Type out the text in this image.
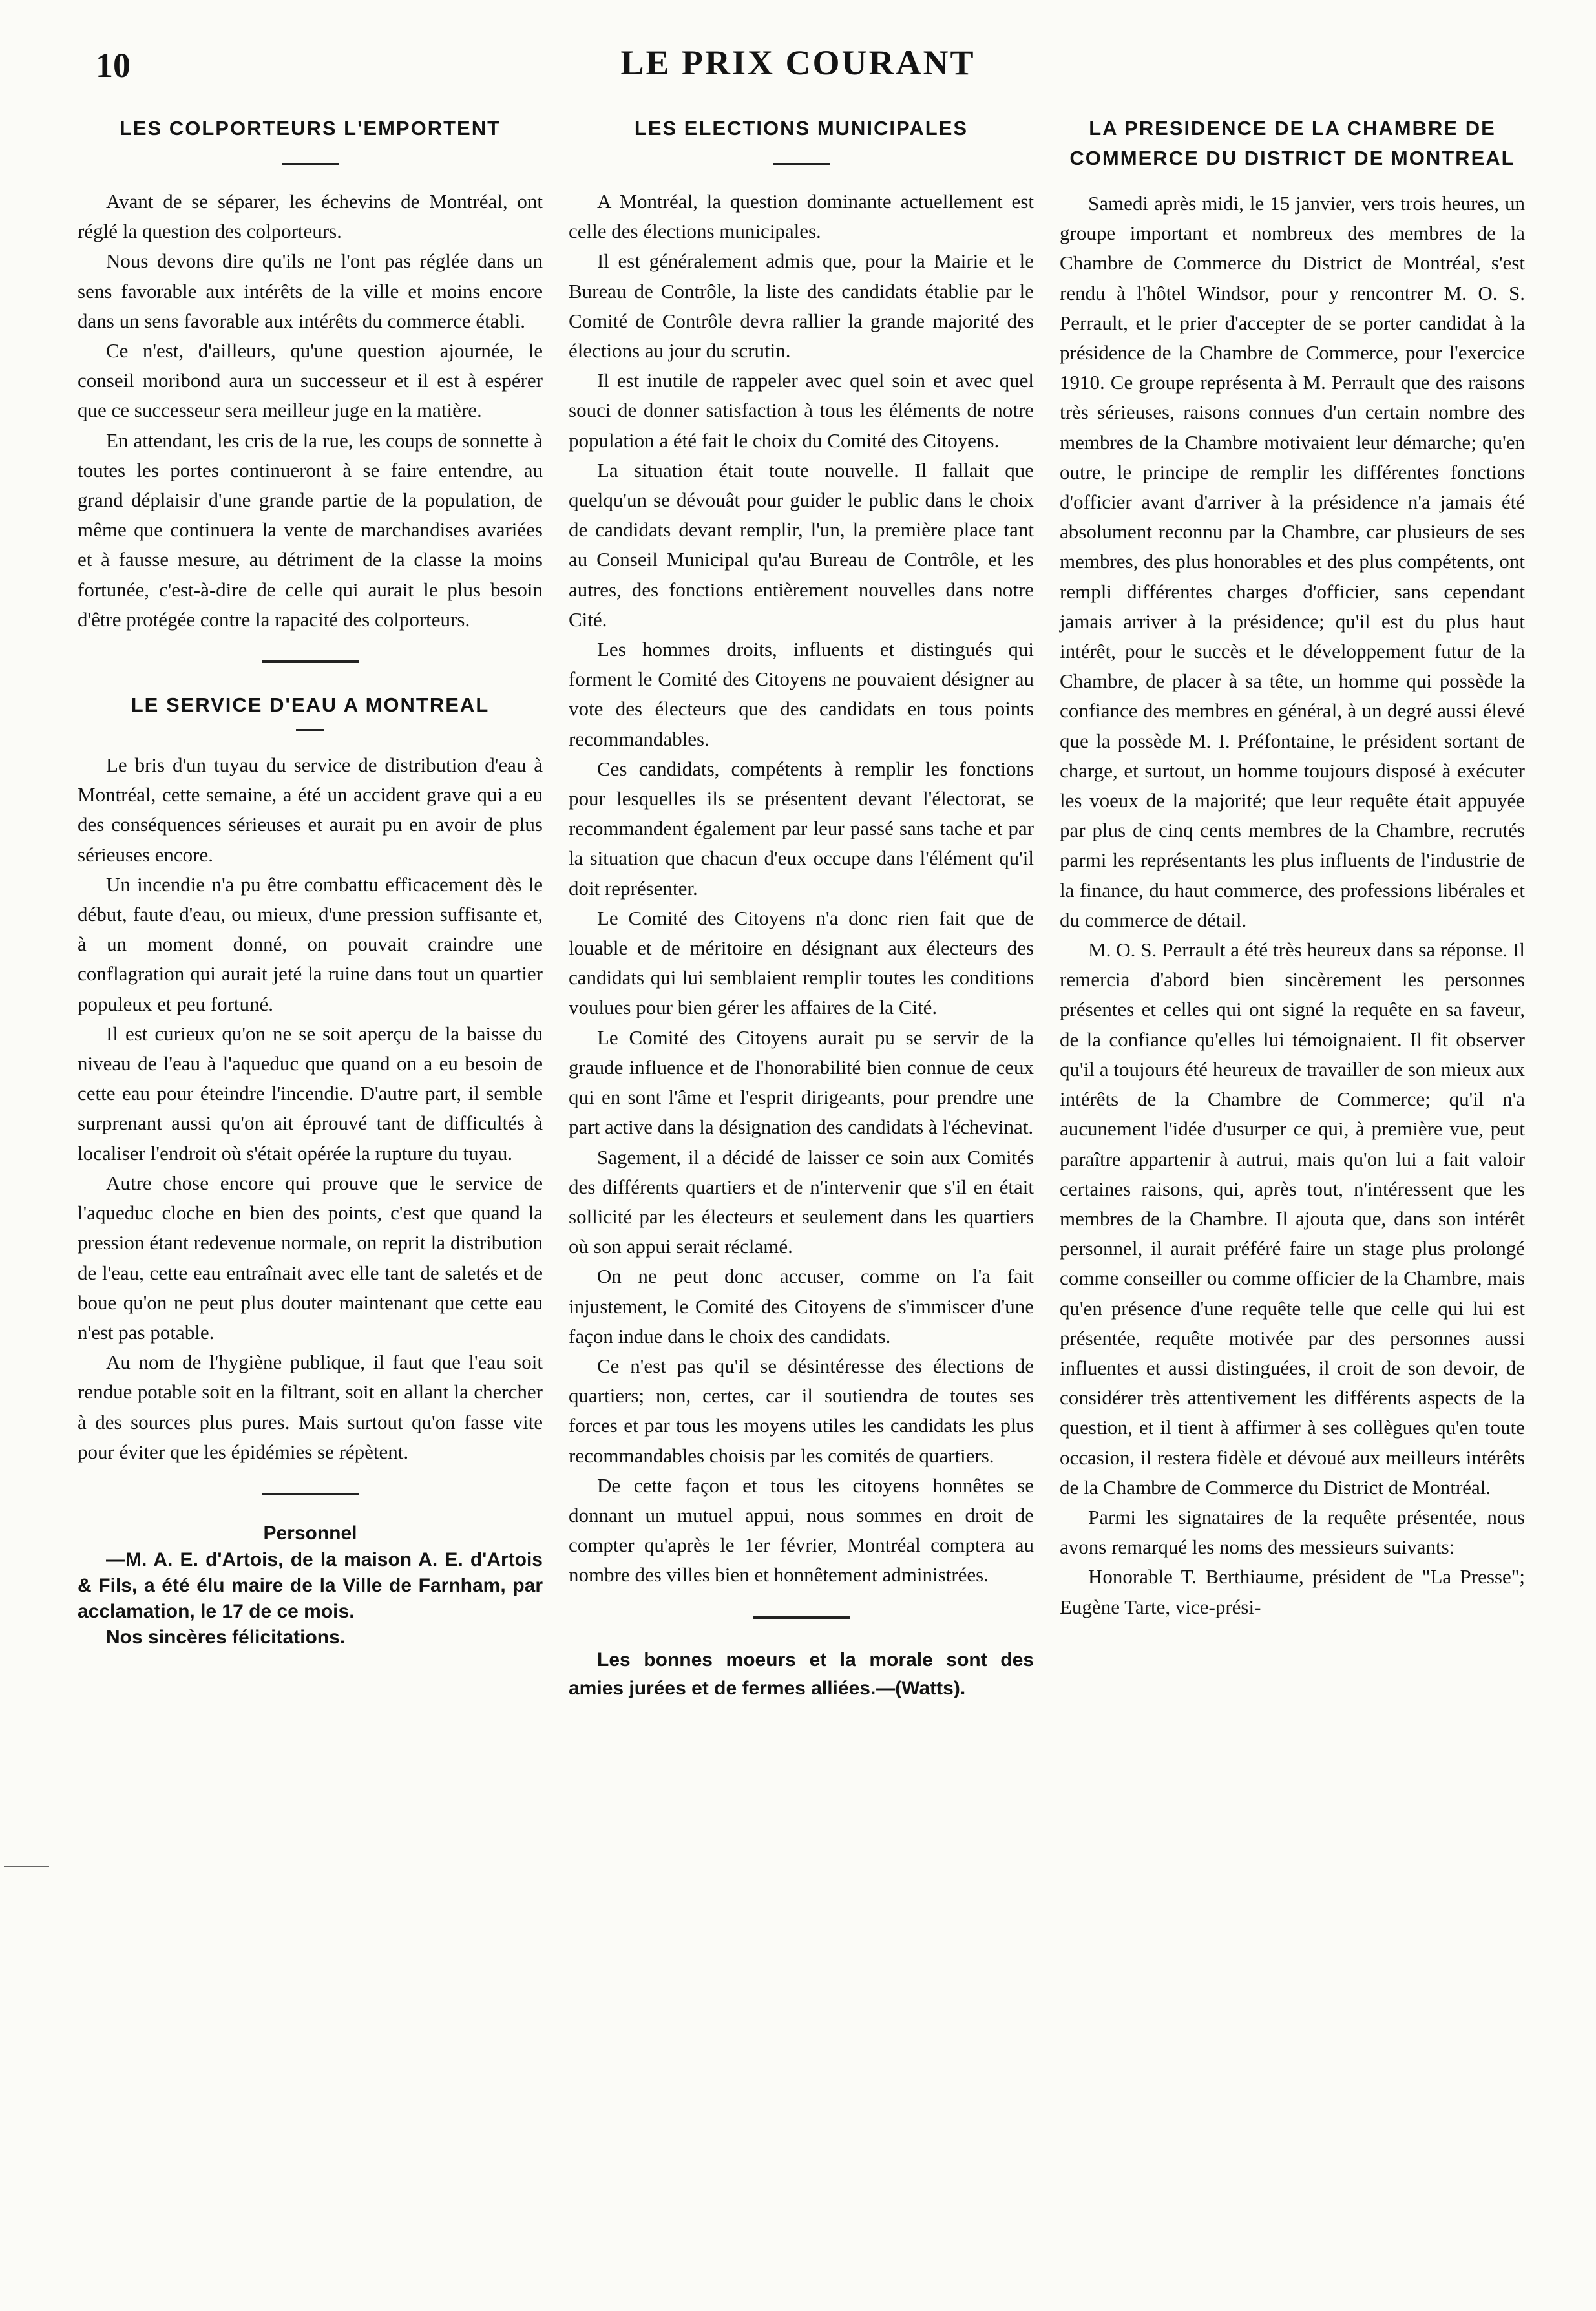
10	LE PRIX COURANT
LES COLPORTEURS L'EMPORTENT

Avant de se séparer, les échevins de Montréal, ont réglé la question des colporteurs.

Nous devons dire qu'ils ne l'ont pas réglée dans un sens favorable aux intérêts de la ville et moins encore dans un sens favorable aux intérêts du commerce établi.

Ce n'est, d'ailleurs, qu'une question ajournée, le conseil moribond aura un successeur et il est à espérer que ce successeur sera meilleur juge en la matière.

En attendant, les cris de la rue, les coups de sonnette à toutes les portes continueront à se faire entendre, au grand déplaisir d'une grande partie de la population, de même que continuera la vente de marchandises avariées et à fausse mesure, au détriment de la classe la moins fortunée, c'est-à-dire de celle qui aurait le plus besoin d'être protégée contre la rapacité des colporteurs.

LE SERVICE D'EAU A MONTREAL

Le bris d'un tuyau du service de distribution d'eau à Montréal, cette semaine, a été un accident grave qui a eu des conséquences sérieuses et aurait pu en avoir de plus sérieuses encore.

Un incendie n'a pu être combattu efficacement dès le début, faute d'eau, ou mieux, d'une pression suffisante et, à un moment donné, on pouvait craindre une conflagration qui aurait jeté la ruine dans tout un quartier populeux et peu fortuné.

Il est curieux qu'on ne se soit aperçu de la baisse du niveau de l'eau à l'aqueduc que quand on a eu besoin de cette eau pour éteindre l'incendie. D'autre part, il semble surprenant aussi qu'on ait éprouvé tant de difficultés à localiser l'endroit où s'était opérée la rupture du tuyau.

Autre chose encore qui prouve que le service de l'aqueduc cloche en bien des points, c'est que quand la pression étant redevenue normale, on reprit la distribution de l'eau, cette eau entraînait avec elle tant de saletés et de boue qu'on ne peut plus douter maintenant que cette eau n'est pas potable.

Au nom de l'hygiène publique, il faut que l'eau soit rendue potable soit en la filtrant, soit en allant la chercher à des sources plus pures. Mais surtout qu'on fasse vite pour éviter que les épidémies se répètent.

Personnel

—M. A. E. d'Artois, de la maison A. E. d'Artois & Fils, a été élu maire de la Ville de Farnham, par acclamation, le 17 de ce mois.

Nos sincères félicitations.

LES ELECTIONS MUNICIPALES

A Montréal, la question dominante actuellement est celle des élections municipales.

Il est généralement admis que, pour la Mairie et le Bureau de Contrôle, la liste des candidats établie par le Comité de Contrôle devra rallier la grande majorité des élections au jour du scrutin.

Il est inutile de rappeler avec quel soin et avec quel souci de donner satisfaction à tous les éléments de notre population a été fait le choix du Comité des Citoyens.

La situation était toute nouvelle. Il fallait que quelqu'un se dévouât pour guider le public dans le choix de candidats devant remplir, l'un, la première place tant au Conseil Municipal qu'au Bureau de Contrôle, et les autres, des fonctions entièrement nouvelles dans notre Cité.

Les hommes droits, influents et distingués qui forment le Comité des Citoyens ne pouvaient désigner au vote des électeurs que des candidats en tous points recommandables.

Ces candidats, compétents à remplir les fonctions pour lesquelles ils se présentent devant l'électorat, se recommandent également par leur passé sans tache et par la situation que chacun d'eux occupe dans l'élément qu'il doit représenter.

Le Comité des Citoyens n'a donc rien fait que de louable et de méritoire en désignant aux électeurs des candidats qui lui semblaient remplir toutes les conditions voulues pour bien gérer les affaires de la Cité.

Le Comité des Citoyens aurait pu se servir de la graude influence et de l'honorabilité bien connue de ceux qui en sont l'âme et l'esprit dirigeants, pour prendre une part active dans la désignation des candidats à l'échevinat.

Sagement, il a décidé de laisser ce soin aux Comités des différents quartiers et de n'intervenir que s'il en était sollicité par les électeurs et seulement dans les quartiers où son appui serait réclamé.

On ne peut donc accuser, comme on l'a fait injustement, le Comité des Citoyens de s'immiscer d'une façon indue dans le choix des candidats.

Ce n'est pas qu'il se désintéresse des élections de quartiers; non, certes, car il soutiendra de toutes ses forces et par tous les moyens utiles les candidats les plus recommandables choisis par les comités de quartiers.

De cette façon et tous les citoyens honnêtes se donnant un mutuel appui, nous sommes en droit de compter qu'après le 1er février, Montréal comptera au nombre des villes bien et honnêtement administrées.

Les bonnes moeurs et la morale sont des amies jurées et de fermes alliées.—(Watts).

LA PRESIDENCE DE LA CHAMBRE DE COMMERCE DU DISTRICT DE MONTREAL

Samedi après midi, le 15 janvier, vers trois heures, un groupe important et nombreux des membres de la Chambre de Commerce du District de Montréal, s'est rendu à l'hôtel Windsor, pour y rencontrer M. O. S. Perrault, et le prier d'accepter de se porter candidat à la présidence de la Chambre de Commerce, pour l'exercice 1910. Ce groupe représenta à M. Perrault que des raisons très sérieuses, raisons connues d'un certain nombre des membres de la Chambre motivaient leur démarche; qu'en outre, le principe de remplir les différentes fonctions d'officier avant d'arriver à la présidence n'a jamais été absolument reconnu par la Chambre, car plusieurs de ses membres, des plus honorables et des plus compétents, ont rempli différentes charges d'officier, sans cependant jamais arriver à la présidence; qu'il est du plus haut intérêt, pour le succès et le développement futur de la Chambre, de placer à sa tête, un homme qui possède la confiance des membres en général, à un degré aussi élevé que la possède M. I. Préfontaine, le président sortant de charge, et surtout, un homme toujours disposé à exécuter les voeux de la majorité; que leur requête était appuyée par plus de cinq cents membres de la Chambre, recrutés parmi les représentants les plus influents de l'industrie de la finance, du haut commerce, des professions libérales et du commerce de détail.

M. O. S. Perrault a été très heureux dans sa réponse. Il remercia d'abord bien sincèrement les personnes présentes et celles qui ont signé la requête en sa faveur, de la confiance qu'elles lui témoignaient. Il fit observer qu'il a toujours été heureux de travailler de son mieux aux intérêts de la Chambre de Commerce; qu'il n'a aucunement l'idée d'usurper ce qui, à première vue, peut paraître appartenir à autrui, mais qu'on lui a fait valoir certaines raisons, qui, après tout, n'intéressent que les membres de la Chambre. Il ajouta que, dans son intérêt personnel, il aurait préféré faire un stage plus prolongé comme conseiller ou comme officier de la Chambre, mais qu'en présence d'une requête telle que celle qui lui est présentée, requête motivée par des personnes aussi influentes et aussi distinguées, il croit de son devoir, de considérer très attentivement les différents aspects de la question, et il tient à affirmer à ses collègues qu'en toute occasion, il restera fidèle et dévoué aux meilleurs intérêts de la Chambre de Commerce du District de Montréal.

Parmi les signataires de la requête présentée, nous avons remarqué les noms des messieurs suivants:

Honorable T. Berthiaume, président de "La Presse"; Eugène Tarte, vice-prési-
